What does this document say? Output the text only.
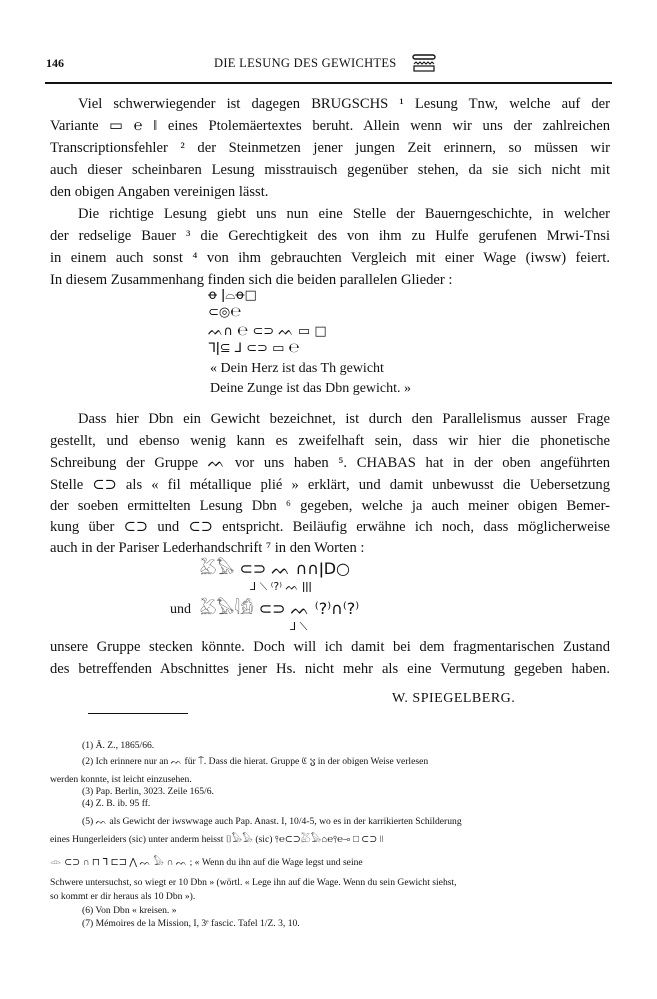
146	DIE LESUNG DES GEWICHTES
Viel schwerwiegender ist dagegen BRUGSCHS ¹ Lesung Tnw, welche auf der
Variante ▭ ℮ ‖ eines Ptolemäertextes beruht. Allein wenn wir uns der zahlreichen
Transcriptionsfehler ² der Steinmetzen jener jungen Zeit erinnern, so müssen wir
auch dieser scheinbaren Lesung misstrauisch gegenüber stehen, da sie sich nicht mit
den obigen Angaben vereinigen lässt.
Die richtige Lesung giebt uns nun eine Stelle der Bauerngeschichte, in welcher
der redselige Bauer ³ die Gerechtigkeit des von ihm zu Hulfe gerufenen Mrwi-Tnsi
in einem auch sonst ⁴ von ihm gebrauchten Vergleich mit einer Wage (iwsw) feiert.
In diesem Zusammenhang finden sich die beiden parallelen Glieder :
ꝋ ǀ⌓ꝋ□
⊂◎℮
ᨓ∩ ℮ ⊂⊃ ᨓ ▭ □
ᒣǀ⊆ ⅃ ⊂⊃ ▭ ℮
« Dein Herz ist das Th gewicht
Deine Zunge ist das Dbn gewicht. »
Dass hier Dbn ein Gewicht bezeichnet, ist durch den Parallelismus ausser Frage
gestellt, und ebenso wenig kann es zweifelhaft sein, dass wir hier die phonetische
Schreibung der Gruppe ᨓ vor uns haben ⁵. CHABAS hat in der oben angeführten
Stelle ⊂⊃ als « fil métallique plié » erklärt, und damit unbewusst die Uebersetzung
der soeben ermittelten Lesung Dbn ⁶ gegeben, welche ja auch meiner obigen Bemer-
kung über ⊂⊃ und ⊂⊃ entspricht. Beiläufig erwähne ich noch, dass möglicherweise
auch in der Pariser Lederhandschrift ⁷ in den Worten :
𓅷𓅃 ⊂⊃ ᨓ ∩∩ǀD○
⅃ ⟍ ⁽?⁾ ᨓ ǀǀǀ
und 𓅷𓅃𓇋𓀁 ⊂⊃ ᨓ ⁽?⁾∩⁽?⁾
⅃ ⟍
unsere Gruppe stecken könnte. Doch will ich damit bei dem fragmentarischen Zustand
des betreffenden Abschnittes jener Hs. nicht mehr als eine Vermutung gegeben haben.
W. SPIEGELBERG.
(1) Ä. Z., 1865/66.
(2) Ich erinnere nur an ᨓ für ⍑. Dass die hierat. Gruppe ℭ ჳ in der obigen Weise verlesen
werden konnte, ist leicht einzusehen.
(3) Pap. Berlin, 3023. Zeile 165/6.
(4) Z. B. ib. 95 ff.
(5) ᨓ als Gewicht der iwswwage auch Pap. Anast. I, 10/4-5, wo es in der karrikierten Schilderung
eines Hungerleiders (sic) unter anderm heisst ⌷𓅃𓅃 (sic) ⫯℮⊂⊃𓅷𓅃⌂℮⫯℮⊸ □ ⊂⊃ ǀǀ
𓁹 ⊂⊃ ∩ ⊓ ᒣ ⊏⊐ ⋀ ᨓ 𓅃 ∩ ᨓ ; « Wenn du ihn auf die Wage legst und seine
Schwere untersuchst, so wiegt er 10 Dbn » (wörtl. « Lege ihn auf die Wage. Wenn du sein Gewicht siehst,
so kommt er dir heraus als 10 Dbn »).
(6) Von Dbn « kreisen. »
(7) Mémoires de la Mission, I, 3ᵉ fascic. Tafel 1/Z. 3, 10.
